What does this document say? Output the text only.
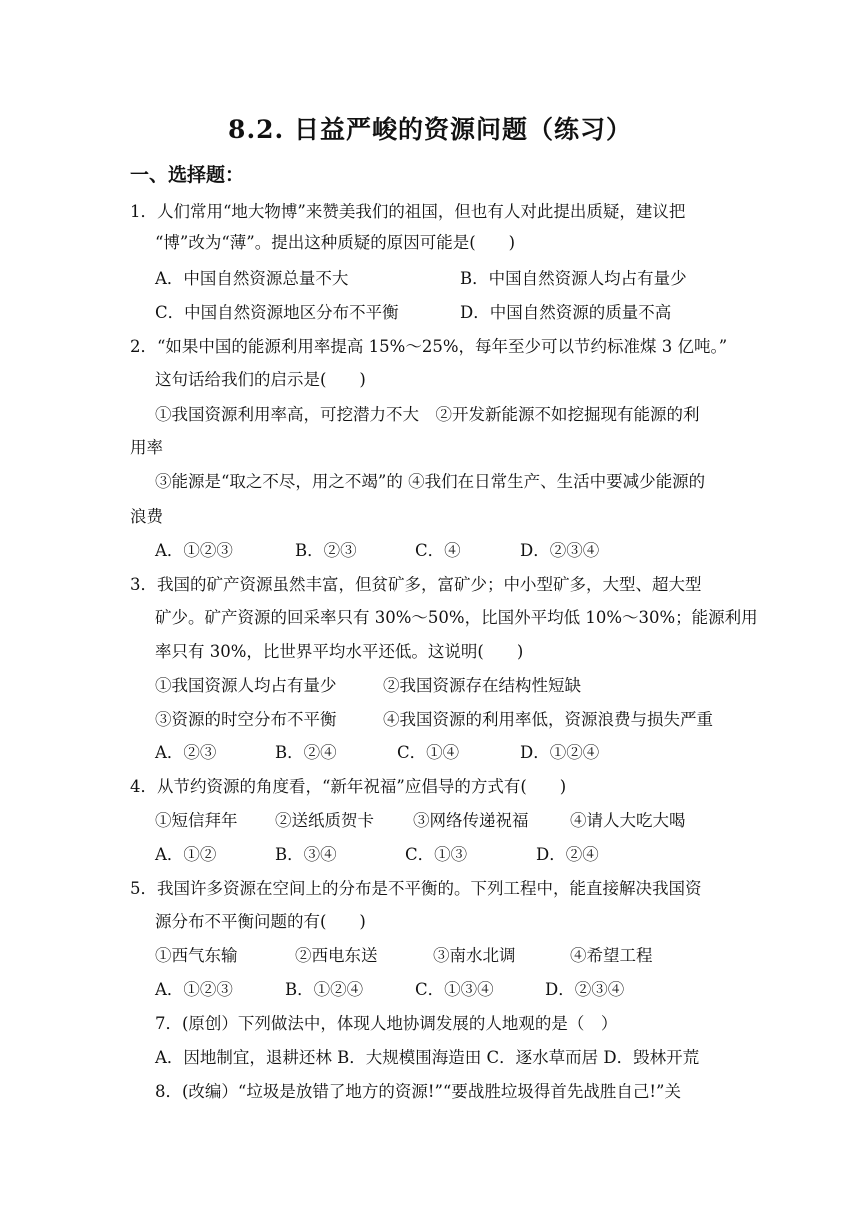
8.2. 日益严峻的资源问题（练习）
一、选择题：
1．人们常用“地大物博”来赞美我们的祖国，但也有人对此提出质疑，建议把
“博”改为“薄”。提出这种质疑的原因可能是(　　)
A．中国自然资源总量不大	B．中国自然资源人均占有量少
C．中国自然资源地区分布不平衡	D．中国自然资源的质量不高
2．“如果中国的能源利用率提高 15%～25%，每年至少可以节约标准煤 3 亿吨。”
这句话给我们的启示是(　　)
①我国资源利用率高，可挖潜力不大　②开发新能源不如挖掘现有能源的利
用率
③能源是“取之不尽，用之不竭”的 ④我们在日常生产、生活中要减少能源的
浪费
A．①②③	B．②③	C．④	D．②③④
3．我国的矿产资源虽然丰富，但贫矿多，富矿少；中小型矿多，大型、超大型
矿少。矿产资源的回采率只有 30%～50%，比国外平均低 10%～30%；能源利用
率只有 30%，比世界平均水平还低。这说明(　　)
①我国资源人均占有量少	②我国资源存在结构性短缺
③资源的时空分布不平衡	④我国资源的利用率低，资源浪费与损失严重
A．②③	B．②④	C．①④	D．①②④
4．从节约资源的角度看，“新年祝福”应倡导的方式有(　　)
①短信拜年 ②送纸质贺卡 ③网络传递祝福	④请人大吃大喝
A．①②	B．③④	C．①③	D．②④
5．我国许多资源在空间上的分布是不平衡的。下列工程中，能直接解决我国资
源分布不平衡问题的有(　　)
①西气东输	②西电东送	③南水北调	④希望工程
A．①②③	B．①②④	C．①③④	D．②③④
7．(原创）下列做法中，体现人地协调发展的人地观的是（　）
A．因地制宜，退耕还林 B．大规模围海造田 C．逐水草而居 D．毁林开荒
8．(改编）“垃圾是放错了地方的资源!”“要战胜垃圾得首先战胜自己!”关
